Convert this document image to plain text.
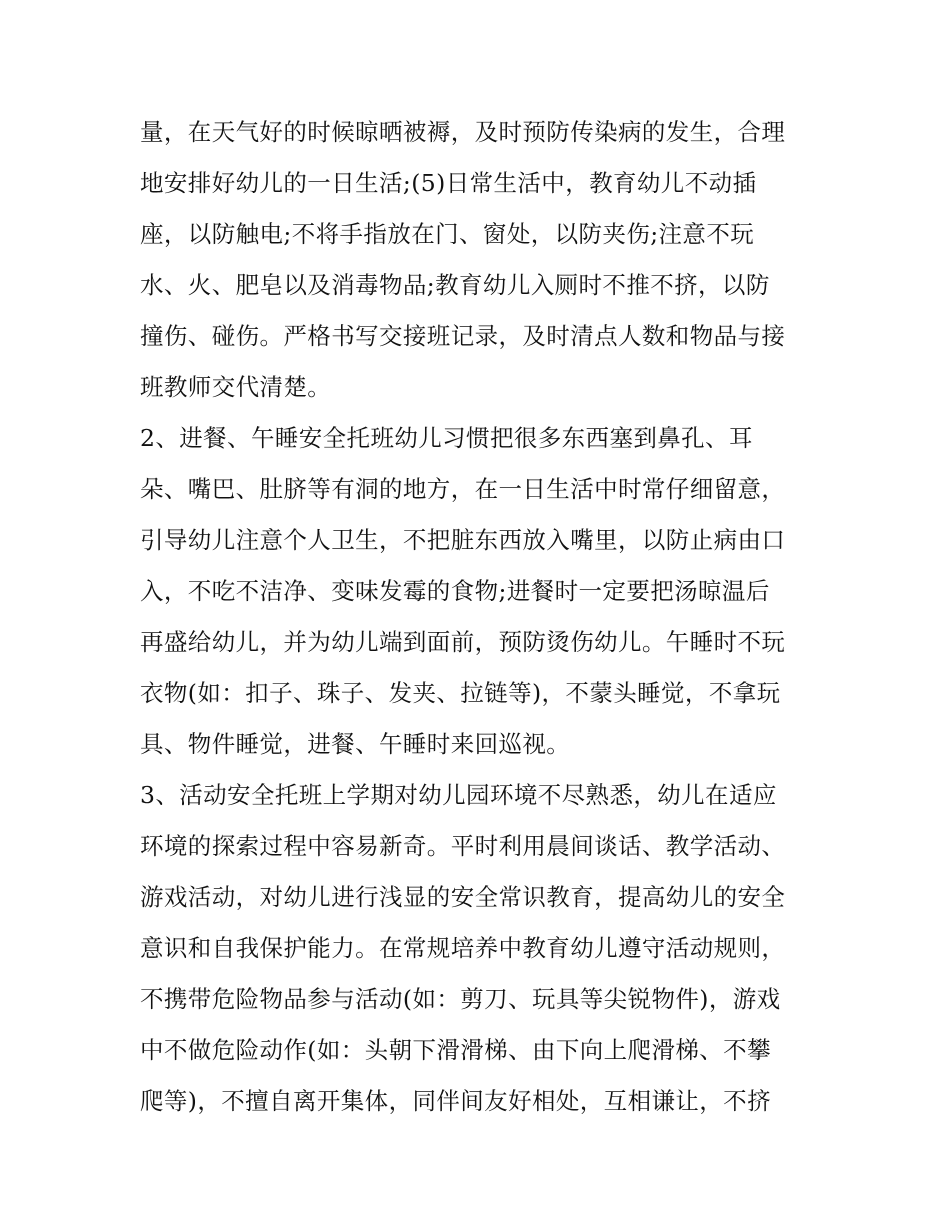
量，在天气好的时候晾晒被褥，及时预防传染病的发生，合理
地安排好幼儿的一日生活;(5)日常生活中，教育幼儿不动插
座，以防触电;不将手指放在门、窗处，以防夹伤;注意不玩
水、火、肥皂以及消毒物品;教育幼儿入厕时不推不挤，以防
撞伤、碰伤。严格书写交接班记录，及时清点人数和物品与接
班教师交代清楚。
2、进餐、午睡安全托班幼儿习惯把很多东西塞到鼻孔、耳
朵、嘴巴、肚脐等有洞的地方，在一日生活中时常仔细留意，
引导幼儿注意个人卫生，不把脏东西放入嘴里，以防止病由口
入，不吃不洁净、变味发霉的食物;进餐时一定要把汤晾温后
再盛给幼儿，并为幼儿端到面前，预防烫伤幼儿。午睡时不玩
衣物(如：扣子、珠子、发夹、拉链等)，不蒙头睡觉，不拿玩
具、物件睡觉，进餐、午睡时来回巡视。
3、活动安全托班上学期对幼儿园环境不尽熟悉，幼儿在适应
环境的探索过程中容易新奇。平时利用晨间谈话、教学活动、
游戏活动，对幼儿进行浅显的安全常识教育，提高幼儿的安全
意识和自我保护能力。在常规培养中教育幼儿遵守活动规则，
不携带危险物品参与活动(如：剪刀、玩具等尖锐物件)，游戏
中不做危险动作(如：头朝下滑滑梯、由下向上爬滑梯、不攀
爬等)，不擅自离开集体，同伴间友好相处，互相谦让，不挤
